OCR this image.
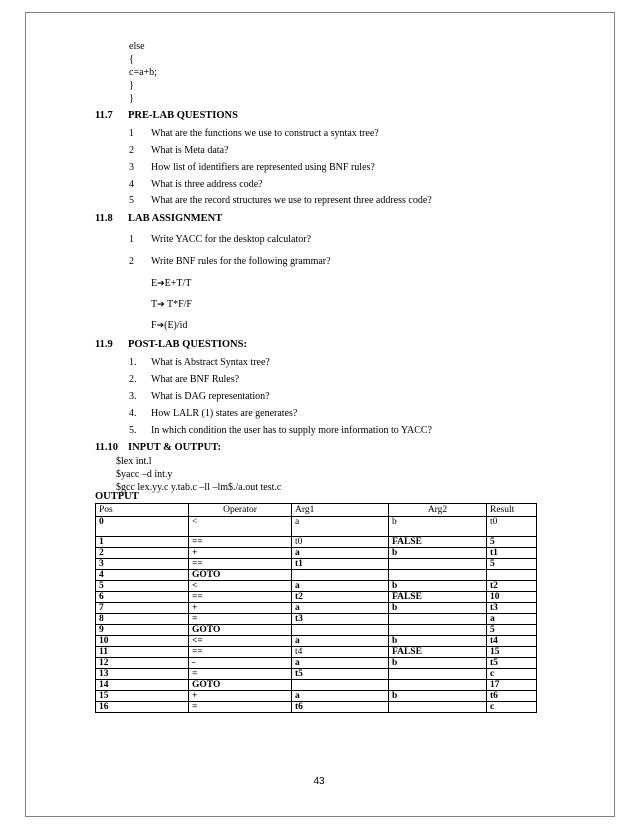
else
{
c=a+b;
}
}
11.7 PRE-LAB QUESTIONS
1 What are the functions we use to construct a syntax tree?
2 What is Meta data?
3 How list of identifiers are represented using BNF rules?
4 What is three address code?
5 What are the record structures we use to represent three address code?
11.8 LAB ASSIGNMENT
1 Write YACC for the desktop calculator?
2 Write BNF rules for the following grammar?
E➔E+T/T
T➔ T*F/F
F➔(E)/id
11.9 POST-LAB QUESTIONS:
1. What is Abstract Syntax tree?
2. What are BNF Rules?
3. What is DAG representation?
4. How LALR (1) states are generates?
5. In which condition the user has to supply more information to YACC?
11.10 INPUT & OUTPUT:
$lex int.l
$yacc –d int.y
$gcc lex.yy.c y.tab.c –ll –lm$./a.out test.c
OUTPUT
Pos	Operator	Arg1	Arg2	Result
0	<	a	b	t0
1	==	t0	FALSE	5
2	+	a	b	t1
3	==	t1		5
4	GOTO			
5	<	a	b	t2
6	==	t2	FALSE	10
7	+	a	b	t3
8	=	t3		a
9	GOTO			5
10	<=	a	b	t4
11	==	t4	FALSE	15
12	-	a	b	t5
13	=	t5		c
14	GOTO			17
15	+	a	b	t6
16	=	t6		c
43
